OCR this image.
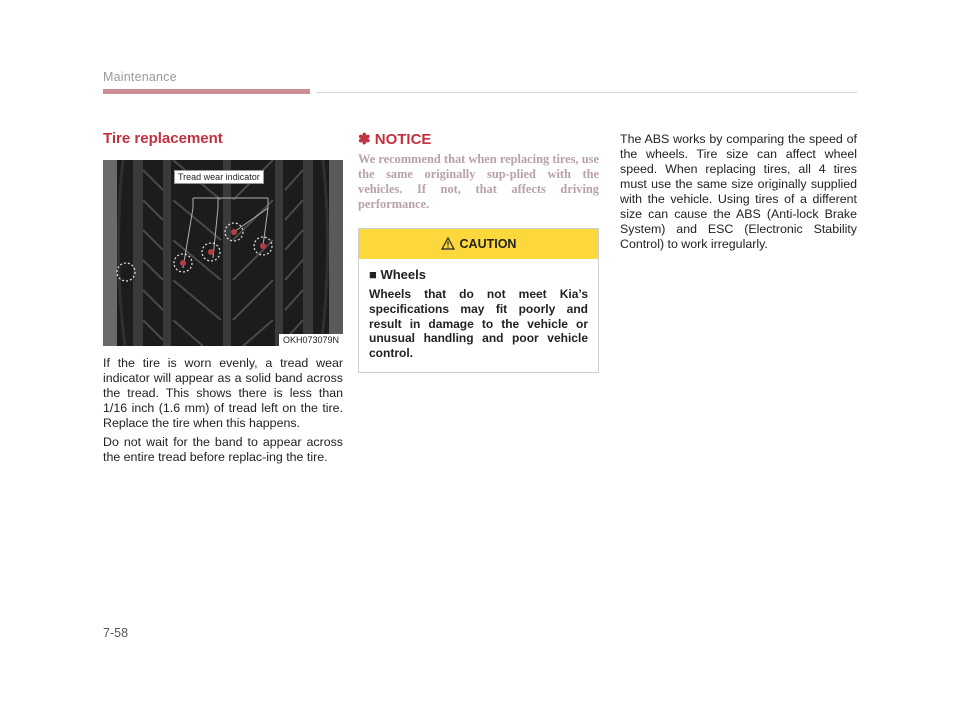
Maintenance
Tire replacement
Tread wear indicator
OKH073079N

If the tire is worn evenly, a tread wear indicator will appear as a solid band across the tread. This shows there is less than 1/16 inch (1.6 mm) of tread left on the tire. Replace the tire when this happens.

Do not wait for the band to appear across the entire tread before replac-ing the tire.

✽ NOTICE

We recommend that when replacing tires, use the same originally sup-plied with the vehicles. If not, that affects driving performance.

CAUTION

■ Wheels

Wheels that do not meet Kia’s specifications may fit poorly and result in damage to the vehicle or unusual handling and poor vehicle control.

The ABS works by comparing the speed of the wheels. Tire size can affect wheel speed. When replacing tires, all 4 tires must use the same size originally supplied with the vehicle. Using tires of a different size can cause the ABS (Anti-lock Brake System) and ESC (Electronic Stability Control) to work irregularly.

7-58
